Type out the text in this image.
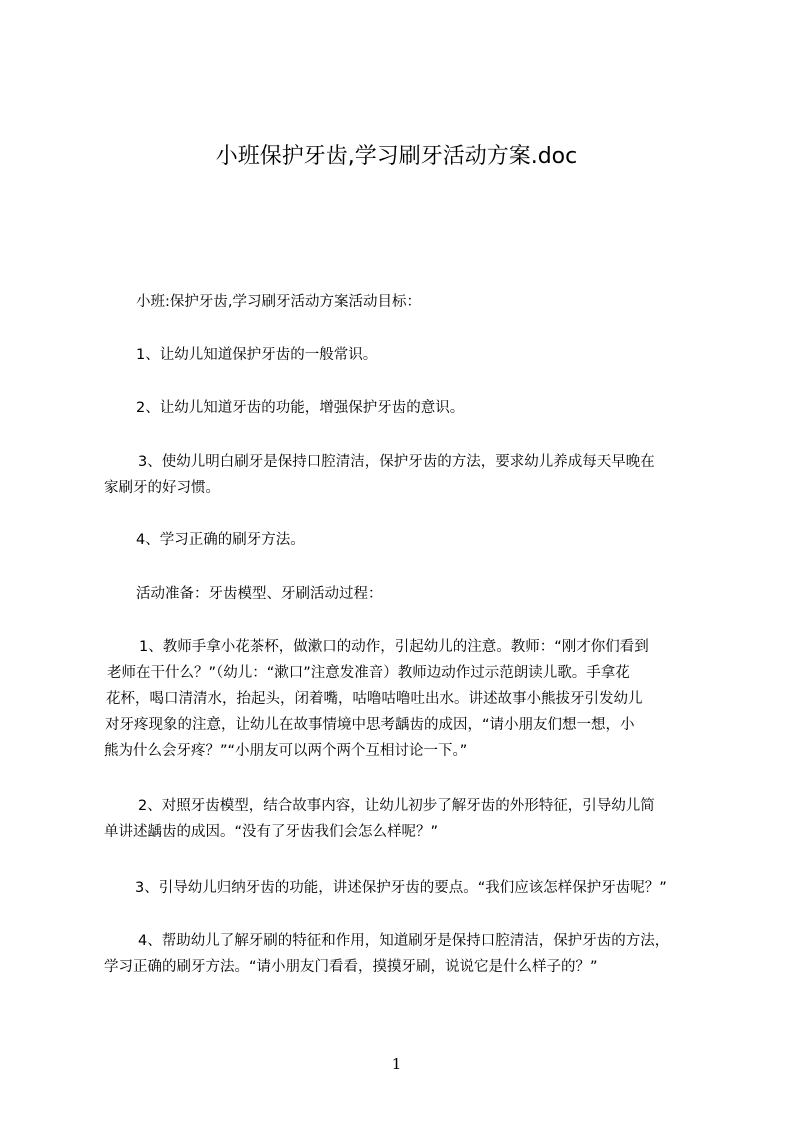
小班保护牙齿,学习刷牙活动方案.doc

小班:保护牙齿,学习刷牙活动方案活动目标：

1、让幼儿知道保护牙齿的一般常识。

2、让幼儿知道牙齿的功能，增强保护牙齿的意识。

3、使幼儿明白刷牙是保持口腔清洁，保护牙齿的方法，要求幼儿养成每天早晚在
家刷牙的好习惯。

4、学习正确的刷牙方法。

活动准备：牙齿模型、牙刷活动过程：

1、教师手拿小花茶杯，做漱口的动作，引起幼儿的注意。教师：“刚才你们看到
老师在干什么？”（幼儿：“漱口”注意发准音）教师边动作过示范朗读儿歌。手拿花
花杯，喝口清清水，抬起头，闭着嘴，咕噜咕噜吐出水。讲述故事小熊拔牙引发幼儿
对牙疼现象的注意，让幼儿在故事情境中思考龋齿的成因，“请小朋友们想一想，小
熊为什么会牙疼？”“小朋友可以两个两个互相讨论一下。”

2、对照牙齿模型，结合故事内容，让幼儿初步了解牙齿的外形特征，引导幼儿简
单讲述龋齿的成因。“没有了牙齿我们会怎么样呢？”

3、引导幼儿归纳牙齿的功能，讲述保护牙齿的要点。“我们应该怎样保护牙齿呢？”

4、帮助幼儿了解牙刷的特征和作用，知道刷牙是保持口腔清洁，保护牙齿的方法，
学习正确的刷牙方法。“请小朋友门看看，摸摸牙刷，说说它是什么样子的？”

1
